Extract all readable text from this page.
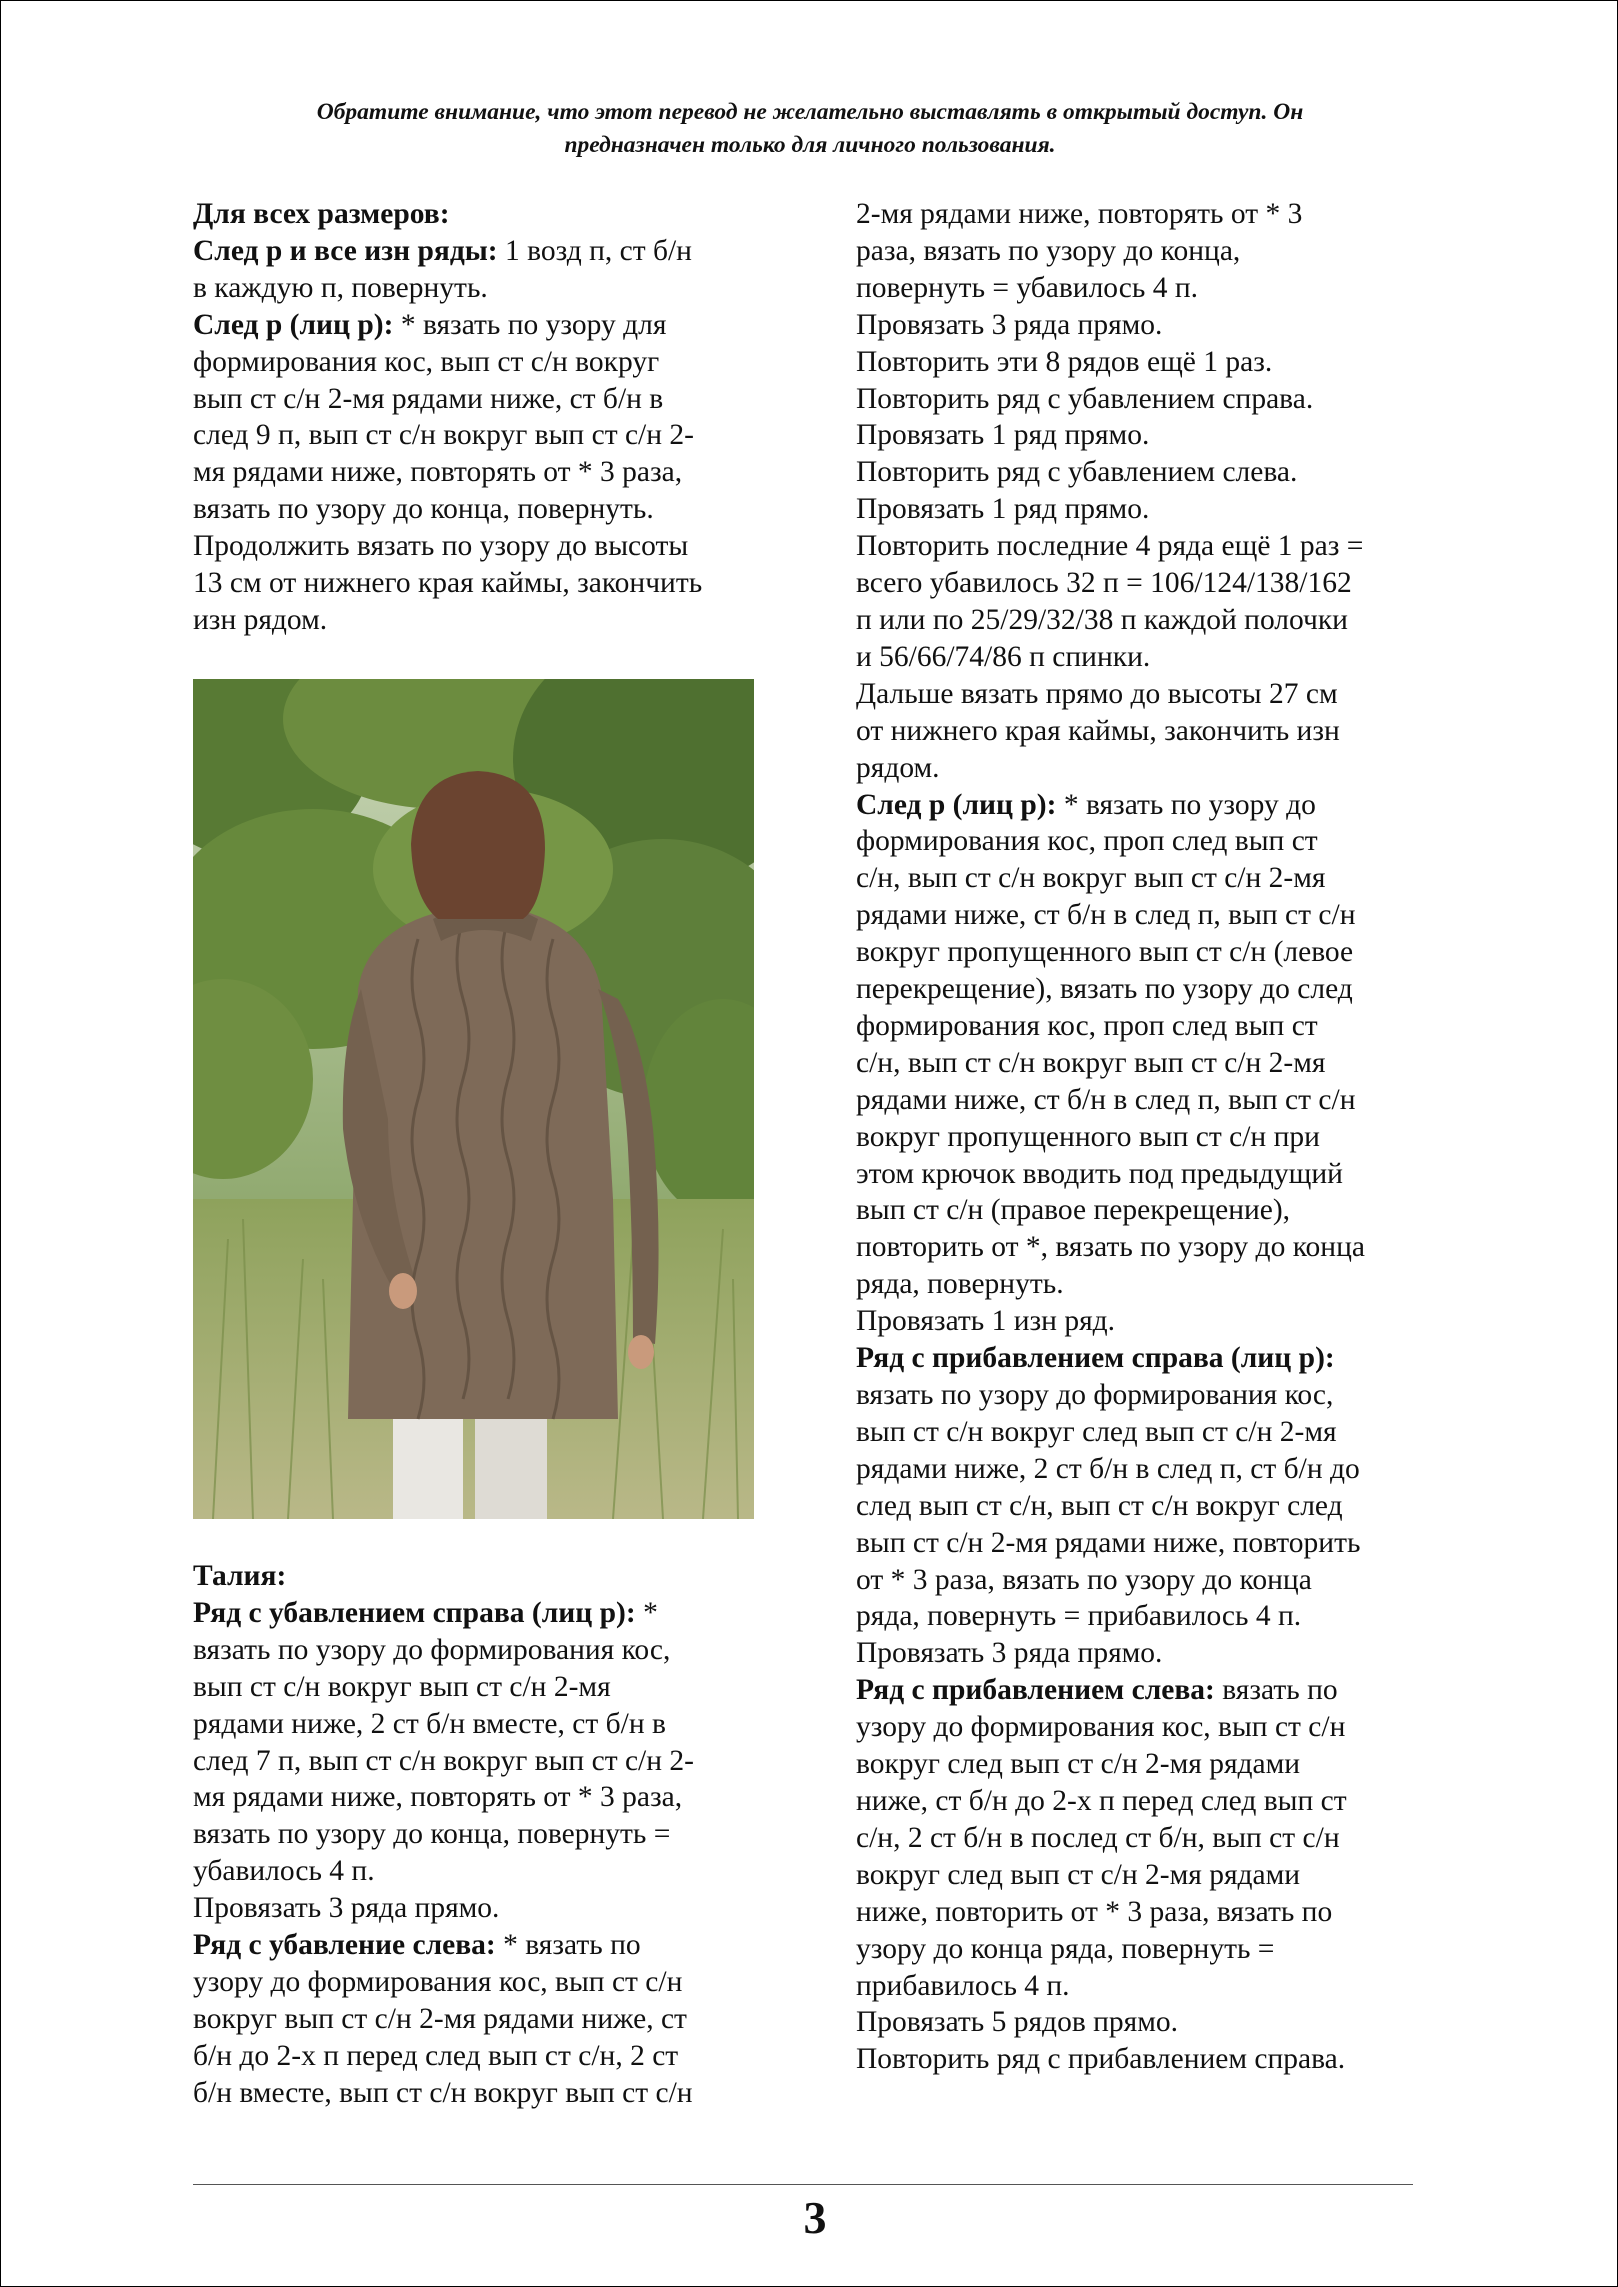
Обратите внимание, что этот перевод не желательно выставлять в открытый доступ. Он
предназначен только для личного пользования.

Для всех размеров:

След р и все изн ряды: 1 возд п, ст б/н

в каждую п, повернуть.

След р (лиц р): * вязать по узору для

формирования кос, вып ст с/н вокруг

вып ст с/н 2-мя рядами ниже, ст б/н в

след 9 п, вып ст с/н вокруг вып ст с/н 2-

мя рядами ниже, повторять от * 3 раза,

вязать по узору до конца, повернуть.

Продолжить вязать по узору до высоты

13 см от нижнего края каймы, закончить

изн рядом.

Талия:

Ряд с убавлением справа (лиц р): *

вязать по узору до формирования кос,

вып ст с/н вокруг вып ст с/н 2-мя

рядами ниже, 2 ст б/н вместе, ст б/н в

след 7 п, вып ст с/н вокруг вып ст с/н 2-

мя рядами ниже, повторять от * 3 раза,

вязать по узору до конца, повернуть =

убавилось 4 п.

Провязать 3 ряда прямо.

Ряд с убавление слева: * вязать по

узору до формирования кос, вып ст с/н

вокруг вып ст с/н 2-мя рядами ниже, ст

б/н до 2-х п перед след вып ст с/н, 2 ст

б/н вместе, вып ст с/н вокруг вып ст с/н

2-мя рядами ниже, повторять от * 3

раза, вязать по узору до конца,

повернуть = убавилось 4 п.

Провязать 3 ряда прямо.

Повторить эти 8 рядов ещё 1 раз.

Повторить ряд с убавлением справа.

Провязать 1 ряд прямо.

Повторить ряд с убавлением слева.

Провязать 1 ряд прямо.

Повторить последние 4 ряда ещё 1 раз =

всего убавилось 32 п = 106/124/138/162

п или по 25/29/32/38 п каждой полочки

и 56/66/74/86 п спинки.

Дальше вязать прямо до высоты 27 см

от нижнего края каймы, закончить изн

рядом.

След р (лиц р): * вязать по узору до

формирования кос, проп след вып ст

с/н, вып ст с/н вокруг вып ст с/н 2-мя

рядами ниже, ст б/н в след п, вып ст с/н

вокруг пропущенного вып ст с/н (левое

перекрещение), вязать по узору до след

формирования кос, проп след вып ст

с/н, вып ст с/н вокруг вып ст с/н 2-мя

рядами ниже, ст б/н в след п, вып ст с/н

вокруг пропущенного вып ст с/н при

этом крючок вводить под предыдущий

вып ст с/н (правое перекрещение),

повторить от *, вязать по узору до конца

ряда, повернуть.

Провязать 1 изн ряд.

Ряд с прибавлением справа (лиц р):

вязать по узору до формирования кос,

вып ст с/н вокруг след вып ст с/н 2-мя

рядами ниже, 2 ст б/н в след п, ст б/н до

след вып ст с/н, вып ст с/н вокруг след

вып ст с/н 2-мя рядами ниже, повторить

от * 3 раза, вязать по узору до конца

ряда, повернуть = прибавилось 4 п.

Провязать 3 ряда прямо.

Ряд с прибавлением слева: вязать по

узору до формирования кос, вып ст с/н

вокруг след вып ст с/н 2-мя рядами

ниже, ст б/н до 2-х п перед след вып ст

с/н, 2 ст б/н в послед ст б/н, вып ст с/н

вокруг след вып ст с/н 2-мя рядами

ниже, повторить от * 3 раза, вязать по

узору до конца ряда, повернуть =

прибавилось 4 п.

Провязать 5 рядов прямо.

Повторить ряд с прибавлением справа.

3
